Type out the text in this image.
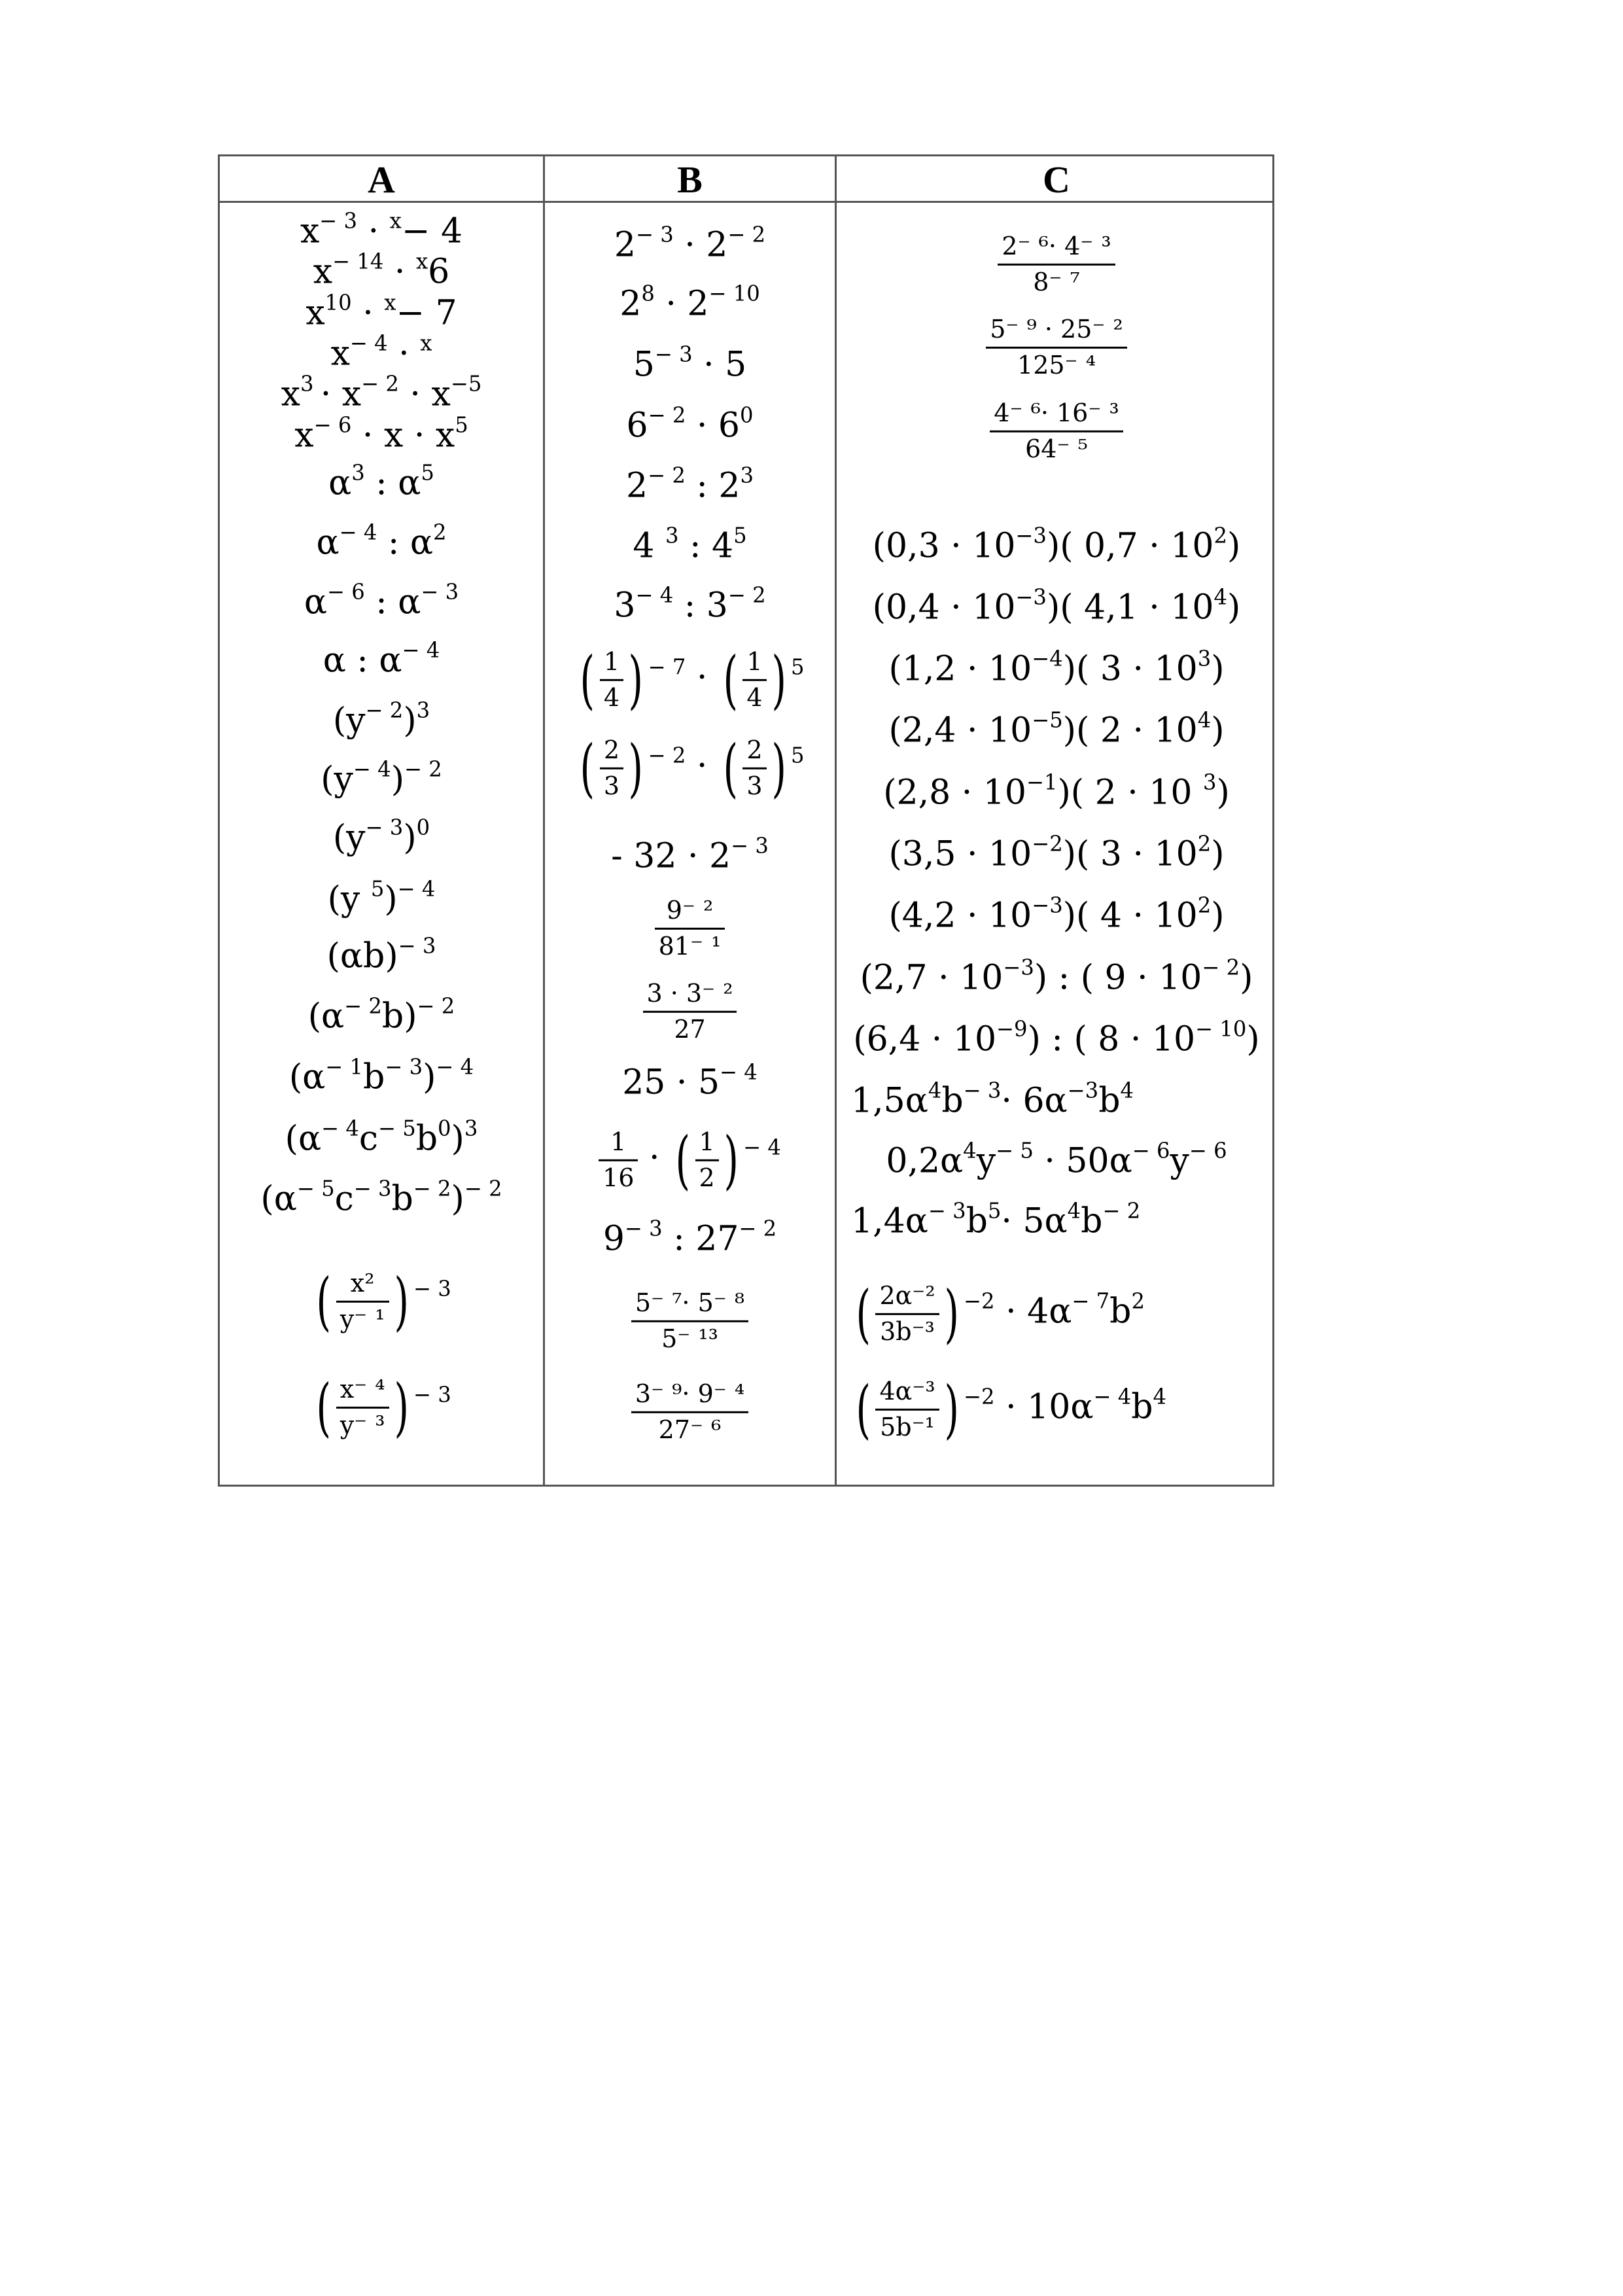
A	B	C
$x^{- 3} \cdot ^x- 4$
$x^{- 14} \cdot ^x6$
$x^{10} \cdot ^x- 7$
$x^{- 4} \cdot ^x$
$x^3 \cdot x^{- 2} \cdot x^{-5}$
$x^{- 6} \cdot x \cdot x^5$
$\alpha^3$ : $\alpha^5$
$\alpha^{- 4}$ : $\alpha^2$
$\alpha^{- 6}$ : $\alpha^{- 3}$
α : $\alpha^{- 4}$
$(y^{- 2})^3$
$(y^{- 4})^{- 2}$
$(y^{- 3})^0$
(y $^5$)$^{- 4}$
$(\alpha b)^{- 3}$
$(\alpha^{- 2}b)^{- 2}$
$(\alpha^{- 1}b^{- 3})^{- 4}$
$(\alpha^{- 4}c^{- 5}b^0)^3$
$(\alpha^{- 5}c^{- 3}b^{- 2})^{- 2}$
( $\frac{\text{x²}}{\text{y⁻ ¹}}$ ) $^{- 3}$
( $\frac{\text{x⁻ ⁴}}{\text{y⁻ ³}}$ ) $^{- 3}$
$2^{- 3} \cdot 2^{- 2}$
$2^8 \cdot 2^{- 10}$
$5^{- 3} \cdot 5$
$6^{- 2} \cdot 6^0$
$2^{- 2}$ : $2^3$
4 $^3$ : $4^5$
$3^{- 4}$ : $3^{- 2}$
( $\frac{1}{4}$ ) $^{- 7}$ · ( $\frac{1}{4}$ ) $^5$
( $\frac{2}{3}$ ) $^{- 2}$ · ( $\frac{2}{3}$ ) $^5$
- $32 \cdot 2^{- 3}$
$\frac{\text{9⁻ ²}}{\text{81⁻ ¹}}$
$\frac{\text{3 · 3⁻ ²}}{27}$
$25 \cdot 5^{- 4}$
$\frac{1}{16}$ · ( $\frac{1}{2}$ ) $^{- 4}$
$9^{- 3}$ : $27^{- 2}$
$\frac{\text{5⁻ ⁷· 5⁻ ⁸}}{\text{5⁻ ¹³}}$
$\frac{\text{3⁻ ⁹· 9⁻ ⁴}}{\text{27⁻ ⁶}}$
$\frac{\text{2⁻ ⁶· 4⁻ ³}}{\text{8⁻ ⁷}}$
$\frac{\text{5⁻ ⁹ · 25⁻ ²}}{\text{125⁻ ⁴}}$
$\frac{\text{4⁻ ⁶· 16⁻ ³}}{\text{64⁻ ⁵}}$
$(0,3 \cdot 10^{-3})$( $0,7 \cdot 10^2$)
$(0,4 \cdot 10^{-3})$( $4,1 \cdot 10^4$)
$(1,2 \cdot 10^{-4})$( $3 \cdot 10^3$)
$(2,4 \cdot 10^{-5})$( $2 \cdot 10^4$)
$(2,8 \cdot 10^{-1})$( 2 · 10 $^3$)
$(3,5 \cdot 10^{-2})$( $3 \cdot 10^2$)
$(4,2 \cdot 10^{-3})$( $4 \cdot 10^2$)
$(2,7 \cdot 10^{-3})$ : ( $9 \cdot 10^{- 2}$)
$(6,4 \cdot 10^{-9})$ : ( $8 \cdot 10^{- 10}$)
$1,5\alpha^4b^{- 3}\cdot 6\alpha^{-3}b^4$
$0,2\alpha^4y^{- 5} \cdot 50\alpha^{- 6}y^{- 6}$
$1,4\alpha^{- 3}b^5\cdot 5\alpha^4b^{- 2}$
( $\frac{\text{2α⁻²}}{\text{3b⁻³}}$ ) $^{-2} \cdot 4\alpha^{- 7}b^2$
( $\frac{\text{4α⁻³}}{\text{5b⁻¹}}$ ) $^{-2} \cdot 10\alpha^{- 4}b^4$
